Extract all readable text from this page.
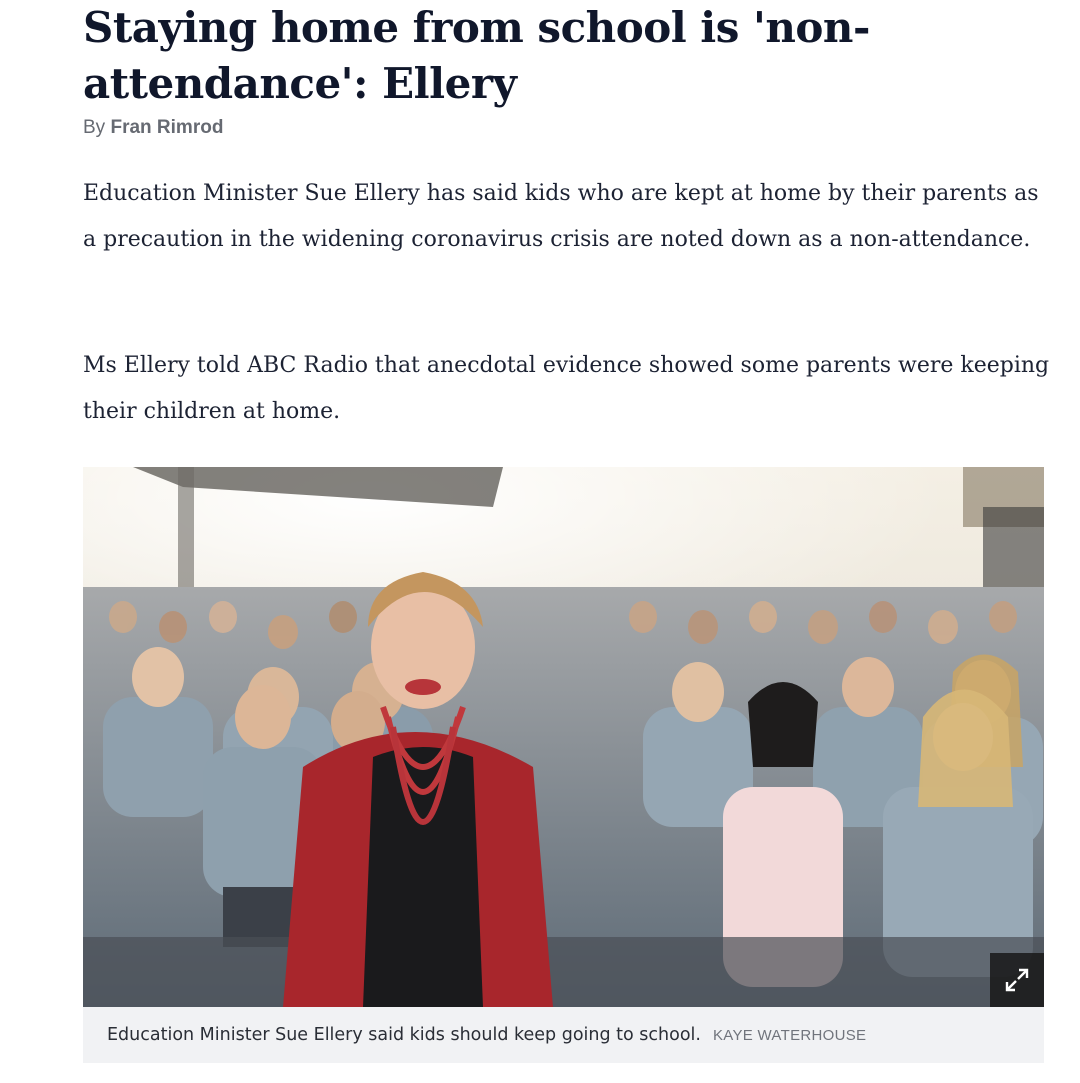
Staying home from school is 'non-attendance': Ellery
By Fran Rimrod

Education Minister Sue Ellery has said kids who are kept at home by their parents as a precaution in the widening coronavirus crisis are noted down as a non-attendance.

Ms Ellery told ABC Radio that anecdotal evidence showed some parents were keeping their children at home.

Education Minister Sue Ellery said kids should keep going to school. KAYE WATERHOUSE
